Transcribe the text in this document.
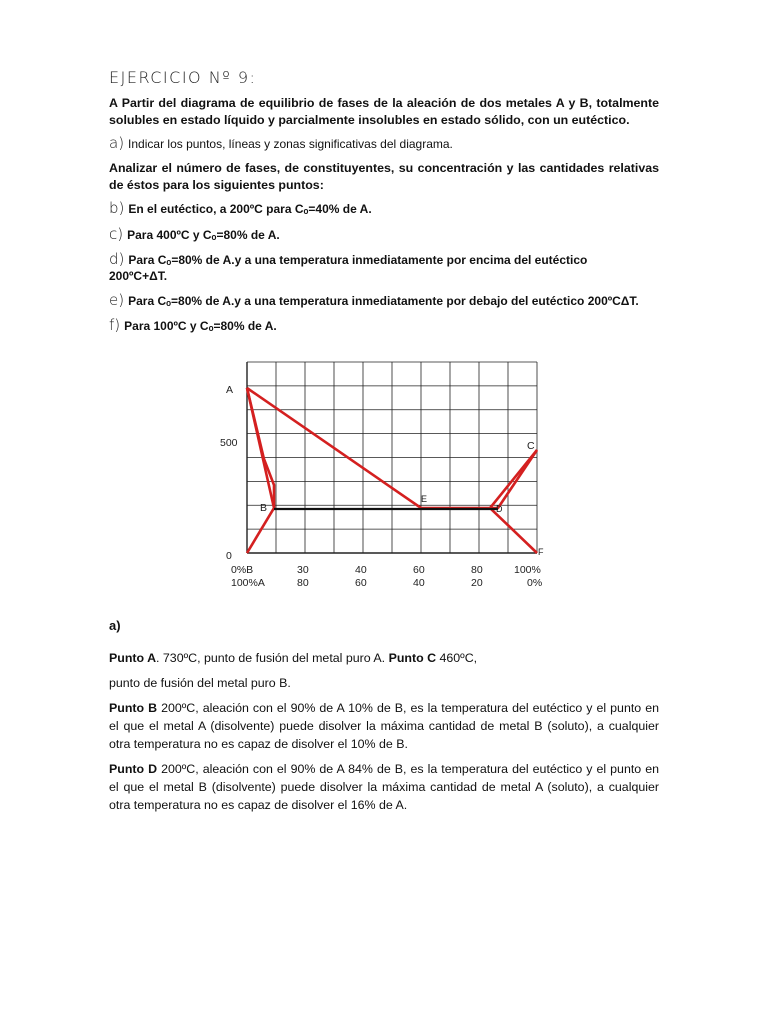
EJERCICIO Nº 9:
A Partir del diagrama de equilibrio de fases de la aleación de dos metales A y B, totalmente solubles en estado líquido y parcialmente insolubles en estado sólido, con un eutéctico.
a) Indicar los puntos, líneas y zonas significativas del diagrama.
Analizar el número de fases, de constituyentes, su concentración y las cantidades relativas de éstos para los siguientes puntos:
b) En el eutéctico, a 200ºC para Cₒ=40% de A.
c) Para 400ºC y Cₒ=80% de A.
d) Para Cₒ=80% de A.y a una temperatura inmediatamente por encima del eutéctico
200ºC+ΔT.
e) Para Cₒ=80% de A.y a una temperatura inmediatamente por debajo del eutéctico 200ºCΔT.
f) Para 100ºC y Cₒ=80% de A.
500
0
A
B
C
D
E
F
0%B	30	40	60	80	100%
100%A	80	60	40	20	0%
a)
Punto A. 730ºC, punto de fusión del metal puro A. Punto C 460ºC,
punto de fusión del metal puro B.
Punto B 200ºC, aleación con el 90% de A 10% de B, es la temperatura del eutéctico y el punto en el que el metal A (disolvente) puede disolver la máxima cantidad de metal B (soluto), a cualquier otra temperatura no es capaz de disolver el 10% de B.
Punto D 200ºC, aleación con el 90% de A 84% de B, es la temperatura del eutéctico y el punto en el que el metal B (disolvente) puede disolver la máxima cantidad de metal A (soluto), a cualquier otra temperatura no es capaz de disolver el 16% de A.
